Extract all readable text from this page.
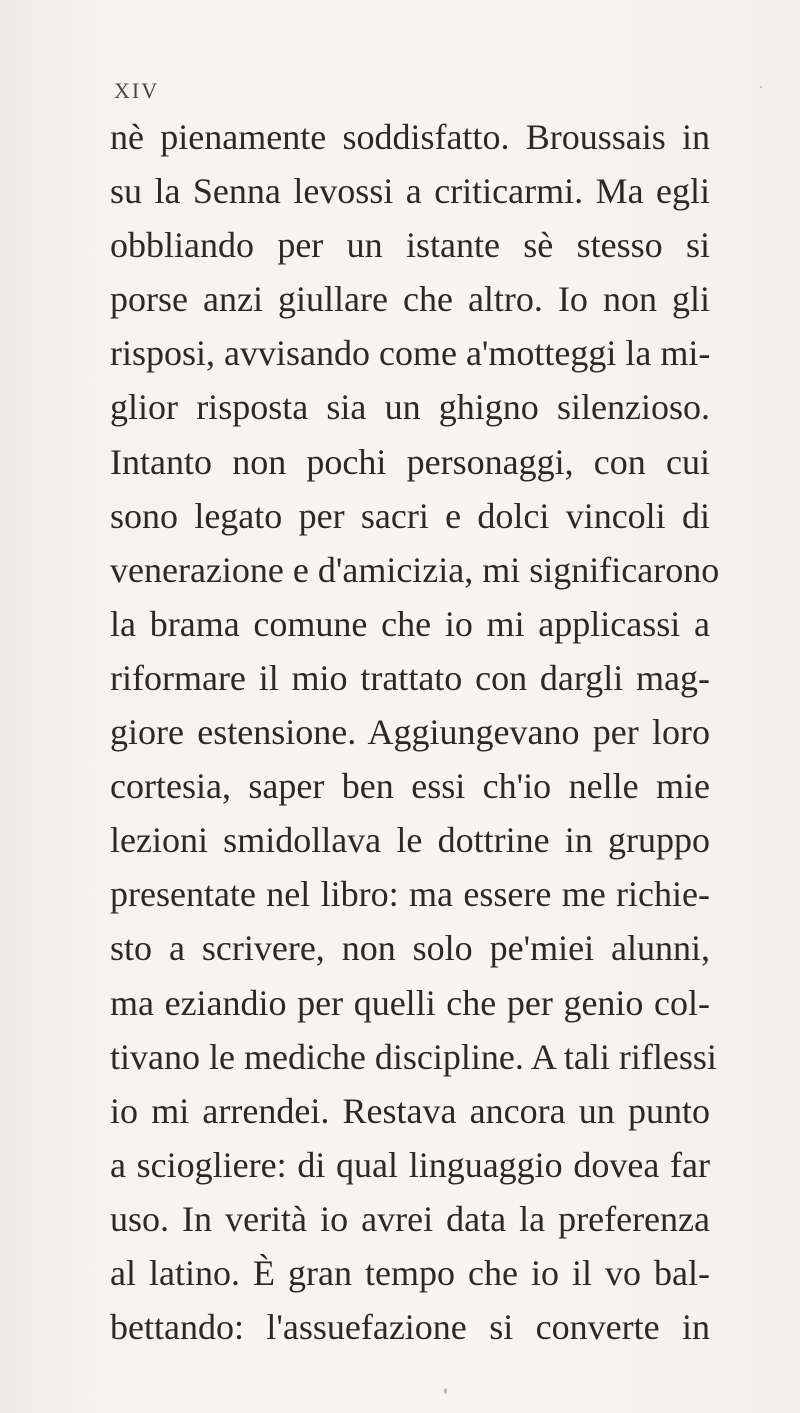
XIV
nè pienamente soddisfatto. Broussais in
su la Senna levossi a criticarmi. Ma egli
obbliando per un istante sè stesso si
porse anzi giullare che altro. Io non gli
risposi, avvisando come a'motteggi la mi-
glior risposta sia un ghigno silenzioso.
Intanto non pochi personaggi, con cui
sono legato per sacri e dolci vincoli di
venerazione e d'amicizia, mi significarono
la brama comune che io mi applicassi a
riformare il mio trattato con dargli mag-
giore estensione. Aggiungevano per loro
cortesia, saper ben essi ch'io nelle mie
lezioni smidollava le dottrine in gruppo
presentate nel libro: ma essere me richie-
sto a scrivere, non solo pe'miei alunni,
ma eziandio per quelli che per genio col-
tivano le mediche discipline. A tali riflessi
io mi arrendei. Restava ancora un punto
a sciogliere: di qual linguaggio dovea far
uso. In verità io avrei data la preferenza
al latino. È gran tempo che io il vo bal-
bettando: l'assuefazione si converte in
